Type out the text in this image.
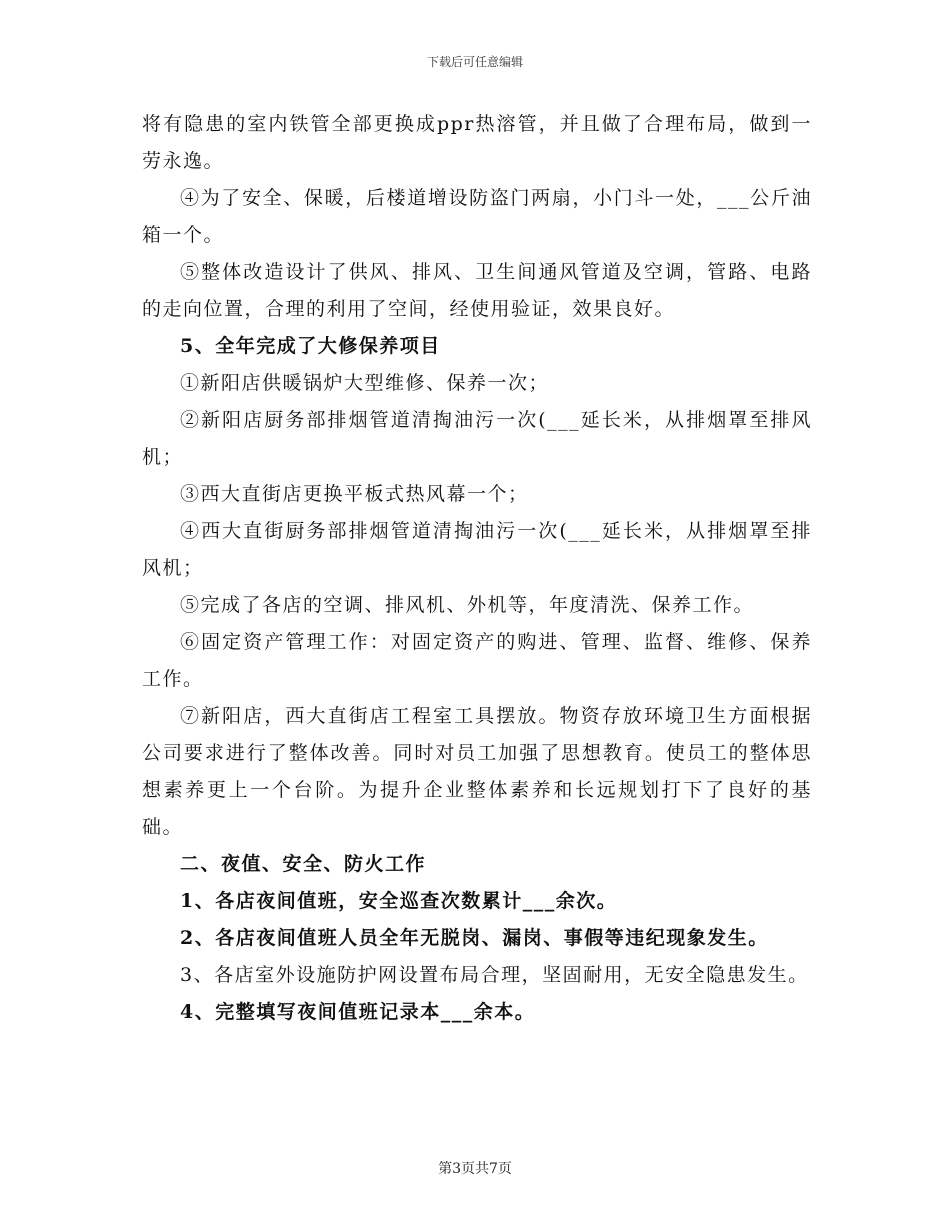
下载后可任意编辑

将有隐患的室内铁管全部更换成ppr热溶管，并且做了合理布局，做到一劳永逸。

④为了安全、保暖，后楼道增设防盗门两扇，小门斗一处，___公斤油箱一个。

⑤整体改造设计了供风、排风、卫生间通风管道及空调，管路、电路的走向位置，合理的利用了空间，经使用验证，效果良好。

5、全年完成了大修保养项目

①新阳店供暖锅炉大型维修、保养一次；

②新阳店厨务部排烟管道清掏油污一次(___延长米，从排烟罩至排风机；

③西大直街店更换平板式热风幕一个；

④西大直街厨务部排烟管道清掏油污一次(___延长米，从排烟罩至排风机；

⑤完成了各店的空调、排风机、外机等，年度清洗、保养工作。

⑥固定资产管理工作：对固定资产的购进、管理、监督、维修、保养工作。

⑦新阳店，西大直街店工程室工具摆放。物资存放环境卫生方面根据公司要求进行了整体改善。同时对员工加强了思想教育。使员工的整体思想素养更上一个台阶。为提升企业整体素养和长远规划打下了良好的基础。

二、夜值、安全、防火工作

1、各店夜间值班，安全巡查次数累计___余次。

2、各店夜间值班人员全年无脱岗、漏岗、事假等违纪现象发生。

3、各店室外设施防护网设置布局合理，坚固耐用，无安全隐患发生。

4、完整填写夜间值班记录本___余本。

第3页共7页
